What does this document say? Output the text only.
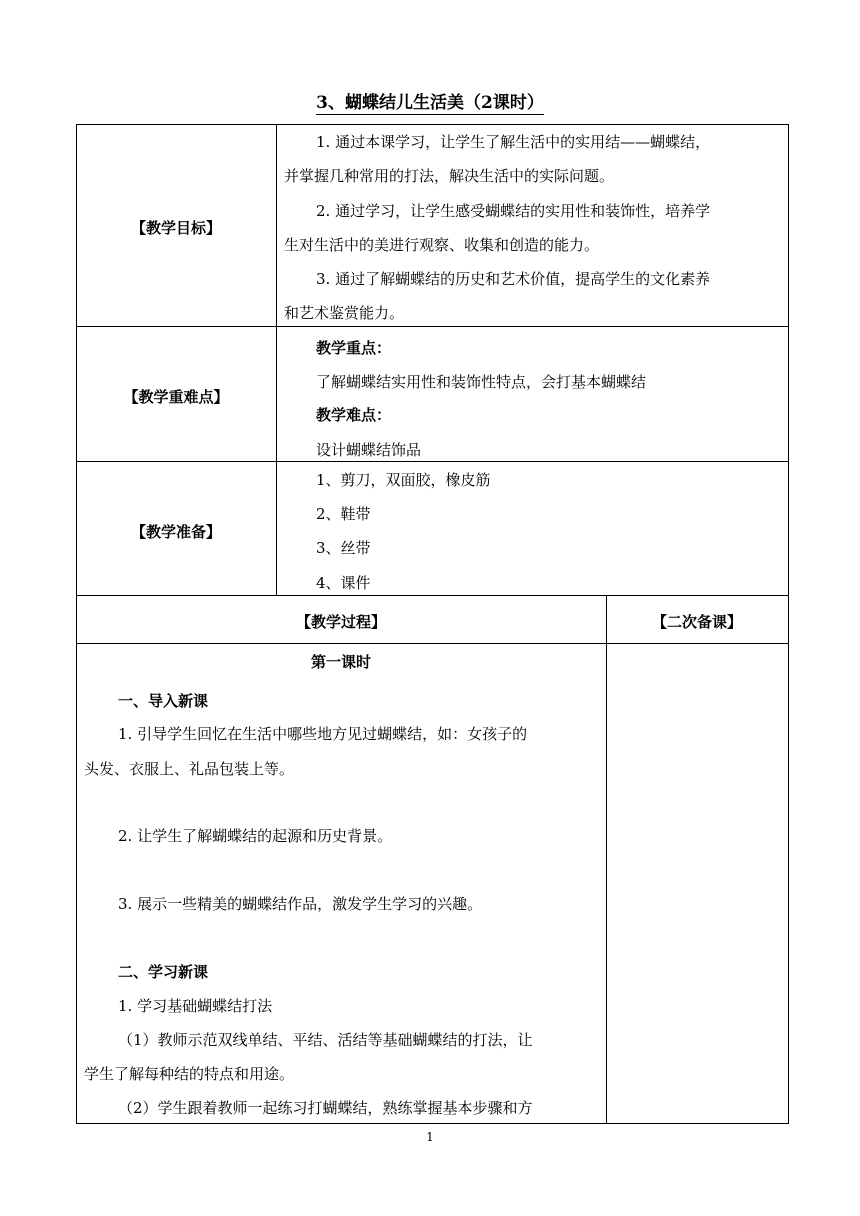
3、蝴蝶结儿生活美（2课时）
【教学目标】
1. 通过本课学习，让学生了解生活中的实用结——蝴蝶结，
并掌握几种常用的打法，解决生活中的实际问题。
2. 通过学习，让学生感受蝴蝶结的实用性和装饰性，培养学
生对生活中的美进行观察、收集和创造的能力。
3. 通过了解蝴蝶结的历史和艺术价值，提高学生的文化素养
和艺术鉴赏能力。
【教学重难点】
教学重点：
了解蝴蝶结实用性和装饰性特点，会打基本蝴蝶结
教学难点：
设计蝴蝶结饰品
【教学准备】
1、剪刀，双面胶，橡皮筋
2、鞋带
3、丝带
4、课件
【教学过程】	【二次备课】
第一课时
一、导入新课
1. 引导学生回忆在生活中哪些地方见过蝴蝶结，如：女孩子的
头发、衣服上、礼品包装上等。
2. 让学生了解蝴蝶结的起源和历史背景。
3. 展示一些精美的蝴蝶结作品，激发学生学习的兴趣。
二、学习新课
1. 学习基础蝴蝶结打法
（1）教师示范双线单结、平结、活结等基础蝴蝶结的打法，让
学生了解每种结的特点和用途。
（2）学生跟着教师一起练习打蝴蝶结，熟练掌握基本步骤和方
1
